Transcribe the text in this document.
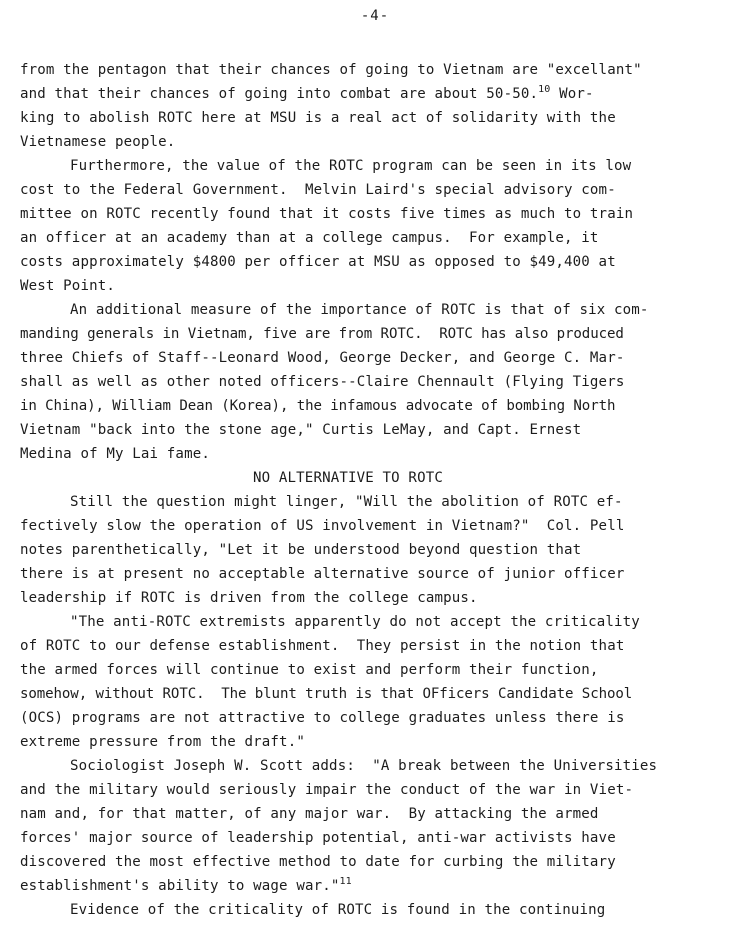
-4-
from the pentagon that their chances of going to Vietnam are "excellant"
and that their chances of going into combat are about 50-50.10 Wor-
king to abolish ROTC here at MSU is a real act of solidarity with the
Vietnamese people.
Furthermore, the value of the ROTC program can be seen in its low
cost to the Federal Government.  Melvin Laird's special advisory com-
mittee on ROTC recently found that it costs five times as much to train
an officer at an academy than at a college campus.  For example, it
costs approximately $4800 per officer at MSU as opposed to $49,400 at
West Point.
An additional measure of the importance of ROTC is that of six com-
manding generals in Vietnam, five are from ROTC.  ROTC has also produced
three Chiefs of Staff--Leonard Wood, George Decker, and George C. Mar-
shall as well as other noted officers--Claire Chennault (Flying Tigers
in China), William Dean (Korea), the infamous advocate of bombing North
Vietnam "back into the stone age," Curtis LeMay, and Capt. Ernest
Medina of My Lai fame.
NO ALTERNATIVE TO ROTC
Still the question might linger, "Will the abolition of ROTC ef-
fectively slow the operation of US involvement in Vietnam?"  Col. Pell
notes parenthetically, "Let it be understood beyond question that
there is at present no acceptable alternative source of junior officer
leadership if ROTC is driven from the college campus.
"The anti-ROTC extremists apparently do not accept the criticality
of ROTC to our defense establishment.  They persist in the notion that
the armed forces will continue to exist and perform their function,
somehow, without ROTC.  The blunt truth is that OFficers Candidate School
(OCS) programs are not attractive to college graduates unless there is
extreme pressure from the draft."
Sociologist Joseph W. Scott adds:  "A break between the Universities
and the military would seriously impair the conduct of the war in Viet-
nam and, for that matter, of any major war.  By attacking the armed
forces' major source of leadership potential, anti-war activists have
discovered the most effective method to date for curbing the military
establishment's ability to wage war."$^{11}$
Evidence of the criticality of ROTC is found in the continuing
